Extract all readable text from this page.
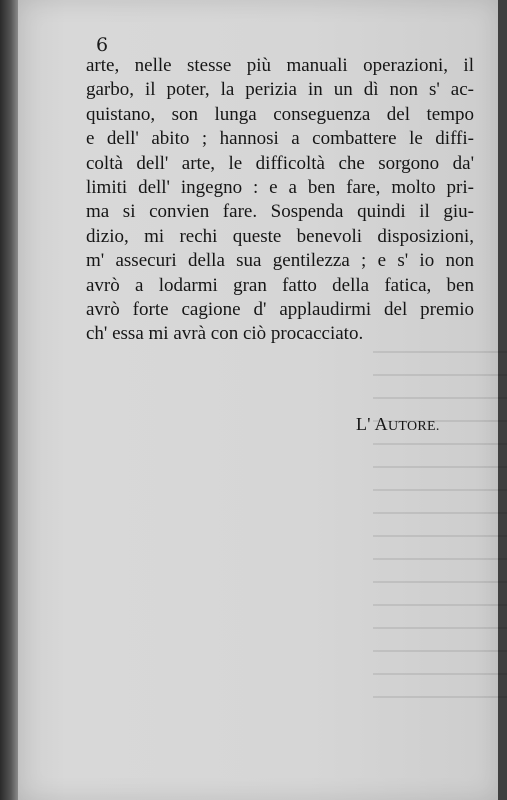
6
arte, nelle stesse più manuali operazioni, il
garbo, il poter, la perizia in un dì non s' ac-
quistano, son lunga conseguenza del tempo
e dell' abito ; hannosi a combattere le diffi-
coltà dell' arte, le difficoltà che sorgono da'
limiti dell' ingegno : e a ben fare, molto pri-
ma si convien fare. Sospenda quindi il giu-
dizio, mi rechi queste benevoli disposizioni,
m' assecuri della sua gentilezza ; e s' io non
avrò a lodarmi gran fatto della fatica, ben
avrò forte cagione d' applaudirmi del premio
ch' essa mi avrà con ciò procacciato.
L' AUTORE.
